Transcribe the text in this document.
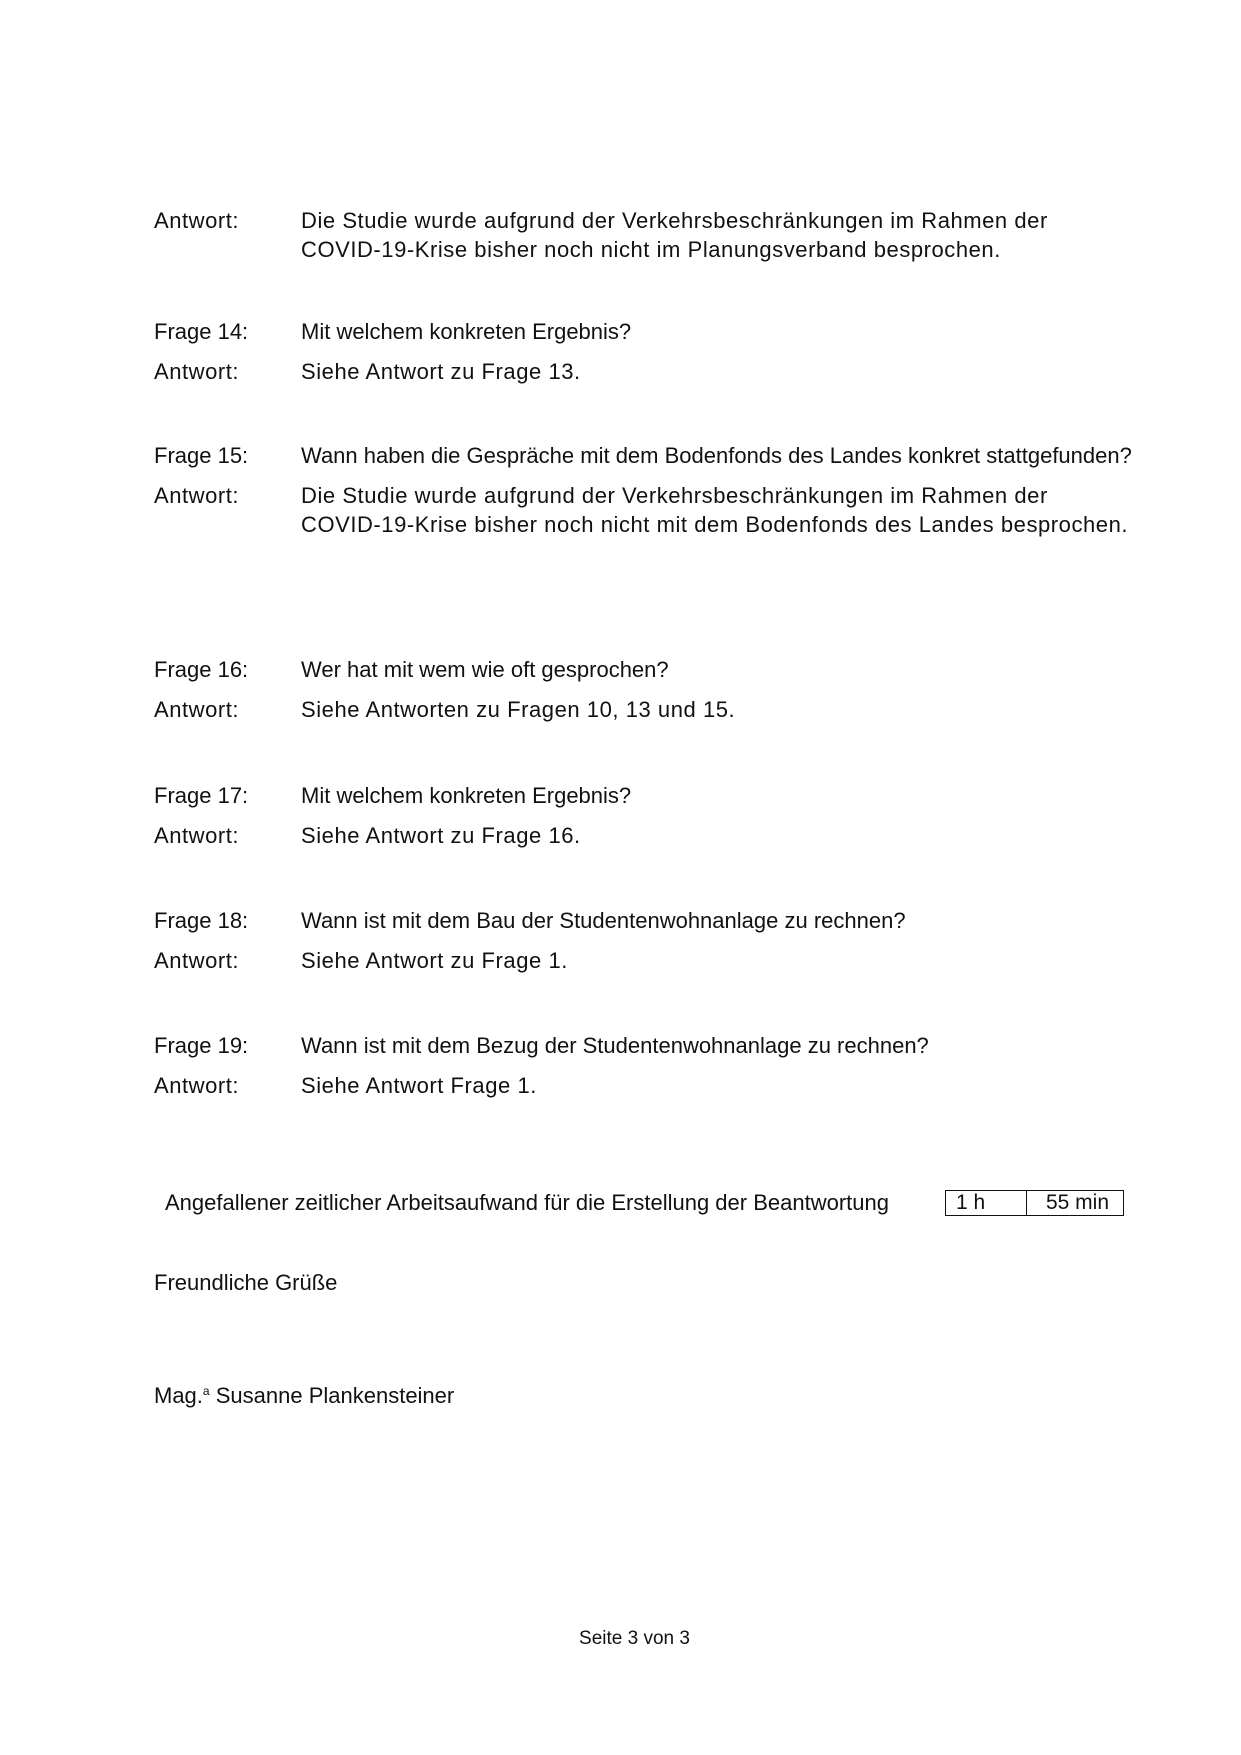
Antwort:	Die Studie wurde aufgrund der Verkehrsbeschränkungen im Rahmen der COVID-19-Krise bisher noch nicht im Planungsverband besprochen.
Frage 14:	Mit welchem konkreten Ergebnis?
Antwort:	Siehe Antwort zu Frage 13.
Frage 15:	Wann haben die Gespräche mit dem Bodenfonds des Landes konkret stattgefunden?
Antwort:	Die Studie wurde aufgrund der Verkehrsbeschränkungen im Rahmen der COVID-19-Krise bisher noch nicht mit dem Bodenfonds des Landes besprochen.
Frage 16:	Wer hat mit wem wie oft gesprochen?
Antwort:	Siehe Antworten zu Fragen 10, 13 und 15.
Frage 17:	Mit welchem konkreten Ergebnis?
Antwort:	Siehe Antwort zu Frage 16.
Frage 18:	Wann ist mit dem Bau der Studentenwohnanlage zu rechnen?
Antwort:	Siehe Antwort zu Frage 1.
Frage 19:	Wann ist mit dem Bezug der Studentenwohnanlage zu rechnen?
Antwort:	Siehe Antwort Frage 1.
Angefallener zeitlicher Arbeitsaufwand für die Erstellung der Beantwortung	1 h	55 min
Freundliche Grüße
Mag.$^a$ Susanne Plankensteiner
Seite 3 von 3
